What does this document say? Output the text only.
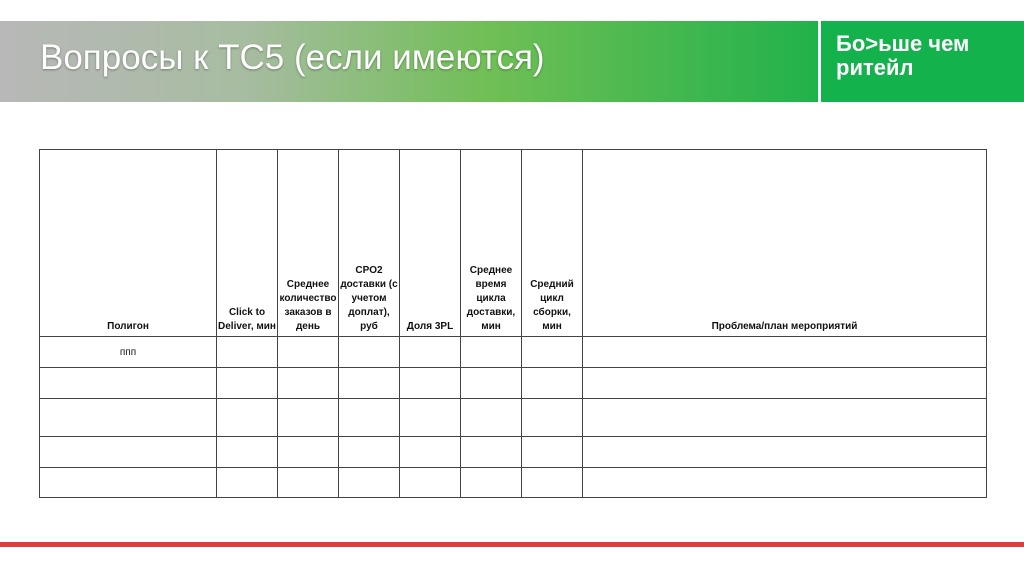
Вопросы к ТС5 (если имеются)	Бо>ьше чем
ритейл
Полигон	Click to Deliver, мин	Среднее количество заказов в день	CPO2 доставки (с учетом доплат), руб	Доля 3PL	Среднее время цикла доставки, мин	Средний цикл сборки, мин	Проблема/план мероприятий
ппп							
